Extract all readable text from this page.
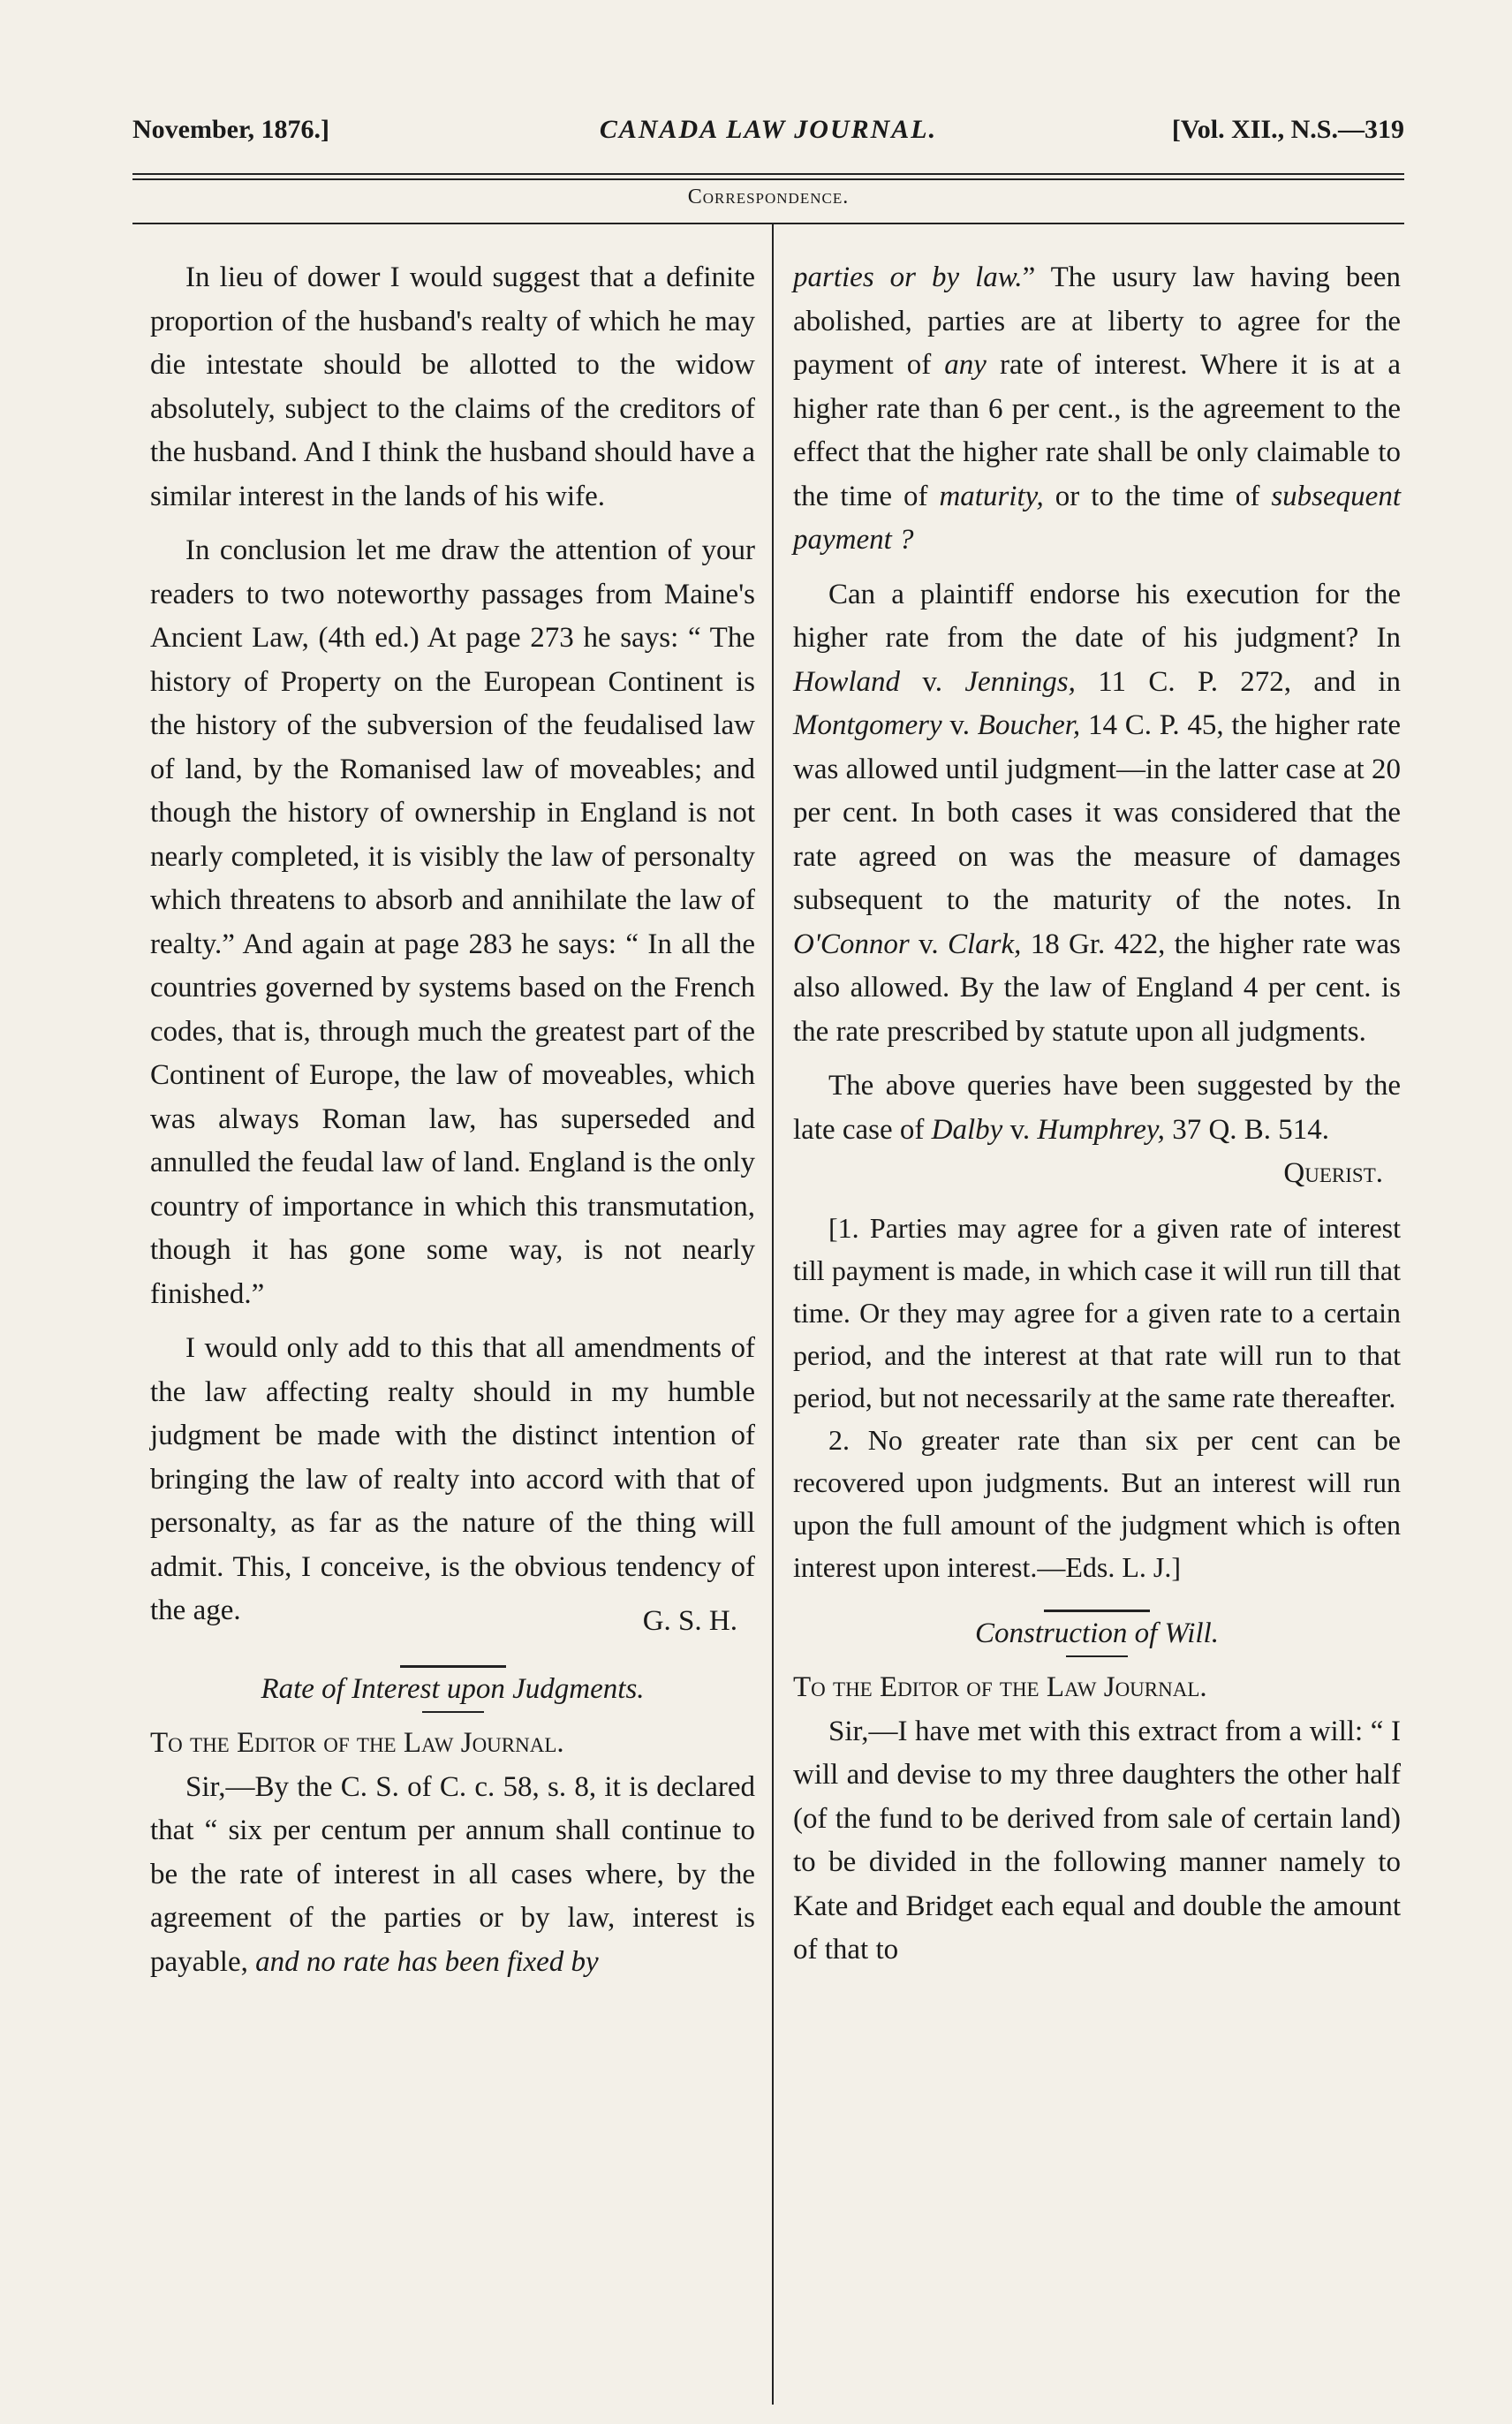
November, 1876.]	CANADA LAW JOURNAL.	[Vol. XII., N.S.—319
Correspondence.

In lieu of dower I would suggest that a definite proportion of the husband's realty of which he may die intestate should be allotted to the widow absolutely, subject to the claims of the creditors of the husband. And I think the husband should have a similar interest in the lands of his wife.

In conclusion let me draw the attention of your readers to two noteworthy passages from Maine's Ancient Law, (4th ed.) At page 273 he says: “ The history of Property on the European Continent is the history of the subversion of the feudalised law of land, by the Romanised law of moveables; and though the history of ownership in England is not nearly completed, it is visibly the law of personalty which threatens to absorb and annihilate the law of realty.” And again at page 283 he says: “ In all the countries governed by systems based on the French codes, that is, through much the greatest part of the Continent of Europe, the law of moveables, which was always Roman law, has superseded and annulled the feudal law of land. England is the only country of importance in which this transmutation, though it has gone some way, is not nearly finished.”

I would only add to this that all amendments of the law affecting realty should in my humble judgment be made with the distinct intention of bringing the law of realty into accord with that of personalty, as far as the nature of the thing will admit. This, I conceive, is the obvious tendency of the age.	G. S. H.

Rate of Interest upon Judgments.

To the Editor of the Law Journal.

Sir,—By the C. S. of C. c. 58, s. 8, it is declared that “ six per centum per annum shall continue to be the rate of interest in all cases where, by the agreement of the parties or by law, interest is payable, and no rate has been fixed by

parties or by law.” The usury law having been abolished, parties are at liberty to agree for the payment of any rate of interest. Where it is at a higher rate than 6 per cent., is the agreement to the effect that the higher rate shall be only claimable to the time of maturity, or to the time of subsequent payment ?

Can a plaintiff endorse his execution for the higher rate from the date of his judgment? In Howland v. Jennings, 11 C. P. 272, and in Montgomery v. Boucher, 14 C. P. 45, the higher rate was allowed until judgment—in the latter case at 20 per cent. In both cases it was considered that the rate agreed on was the measure of damages subsequent to the maturity of the notes. In O'Connor v. Clark, 18 Gr. 422, the higher rate was also allowed. By the law of England 4 per cent. is the rate prescribed by statute upon all judgments.

The above queries have been suggested by the late case of Dalby v. Humphrey, 37 Q. B. 514.

Querist.

[1. Parties may agree for a given rate of interest till payment is made, in which case it will run till that time. Or they may agree for a given rate to a certain period, and the interest at that rate will run to that period, but not necessarily at the same rate thereafter.

2. No greater rate than six per cent can be recovered upon judgments. But an interest will run upon the full amount of the judgment which is often interest upon interest.—Eds. L. J.]

Construction of Will.

To the Editor of the Law Journal.

Sir,—I have met with this extract from a will: “ I will and devise to my three daughters the other half (of the fund to be derived from sale of certain land) to be divided in the following manner namely to Kate and Bridget each equal and double the amount of that to
